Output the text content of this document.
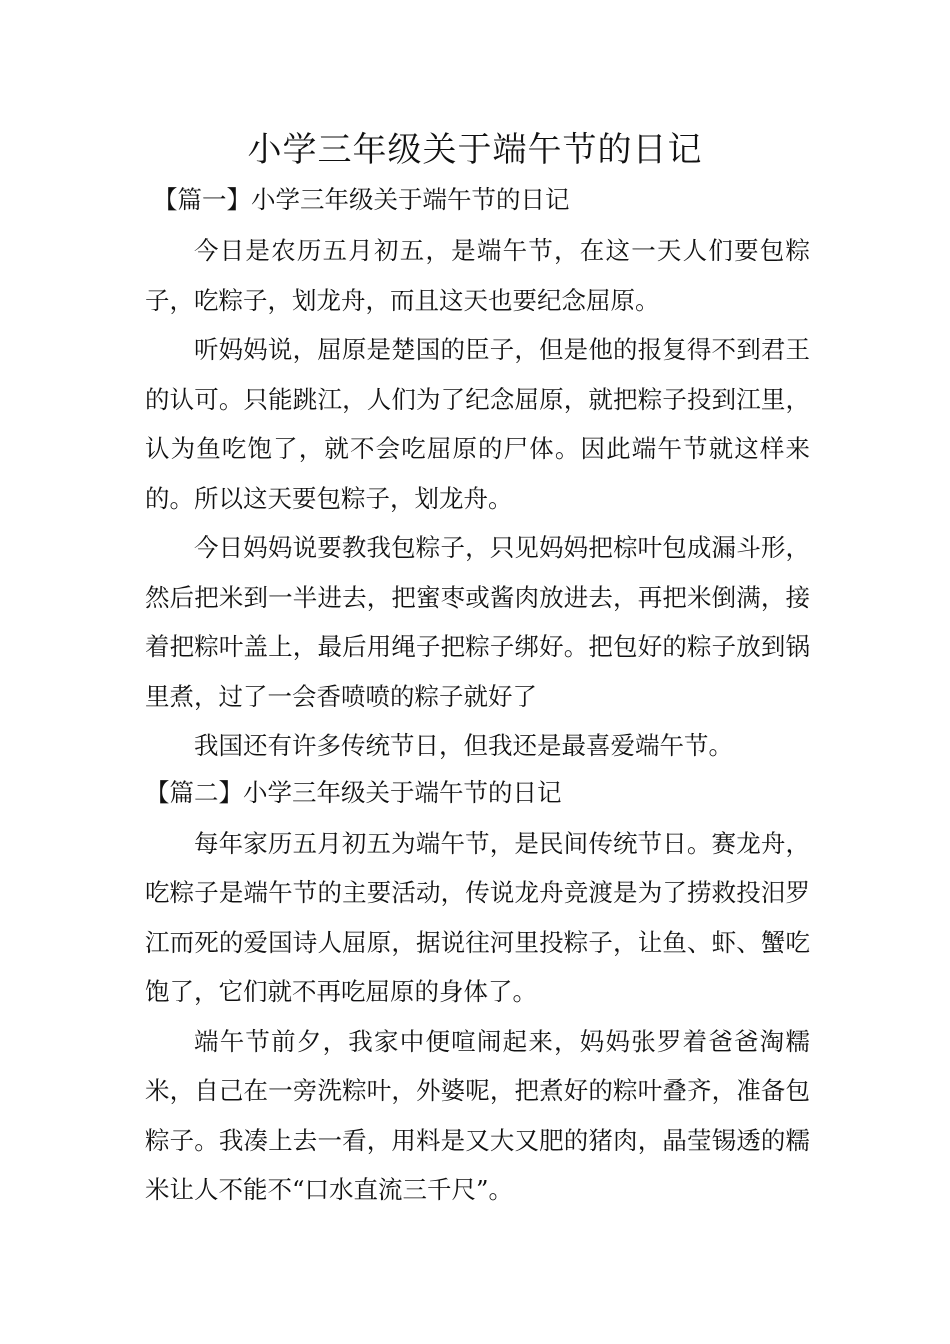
小学三年级关于端午节的日记
【篇一】小学三年级关于端午节的日记

今日是农历五月初五，是端午节，在这一天人们要包粽子，吃粽子，划龙舟，而且这天也要纪念屈原。

听妈妈说，屈原是楚国的臣子，但是他的报复得不到君王的认可。只能跳江，人们为了纪念屈原，就把粽子投到江里，认为鱼吃饱了，就不会吃屈原的尸体。因此端午节就这样来的。所以这天要包粽子，划龙舟。

今日妈妈说要教我包粽子，只见妈妈把棕叶包成漏斗形，然后把米到一半进去，把蜜枣或酱肉放进去，再把米倒满，接着把粽叶盖上，最后用绳子把粽子绑好。把包好的粽子放到锅里煮，过了一会香喷喷的粽子就好了

我国还有许多传统节日，但我还是最喜爱端午节。

【篇二】小学三年级关于端午节的日记

每年家历五月初五为端午节，是民间传统节日。赛龙舟，吃粽子是端午节的主要活动，传说龙舟竞渡是为了捞救投汨罗江而死的爱国诗人屈原，据说往河里投粽子，让鱼、虾、蟹吃饱了，它们就不再吃屈原的身体了。

端午节前夕，我家中便喧闹起来，妈妈张罗着爸爸淘糯米，自己在一旁洗粽叶，外婆呢，把煮好的粽叶叠齐，准备包粽子。我凑上去一看，用料是又大又肥的猪肉，晶莹锡透的糯米让人不能不“口水直流三千尺”。
